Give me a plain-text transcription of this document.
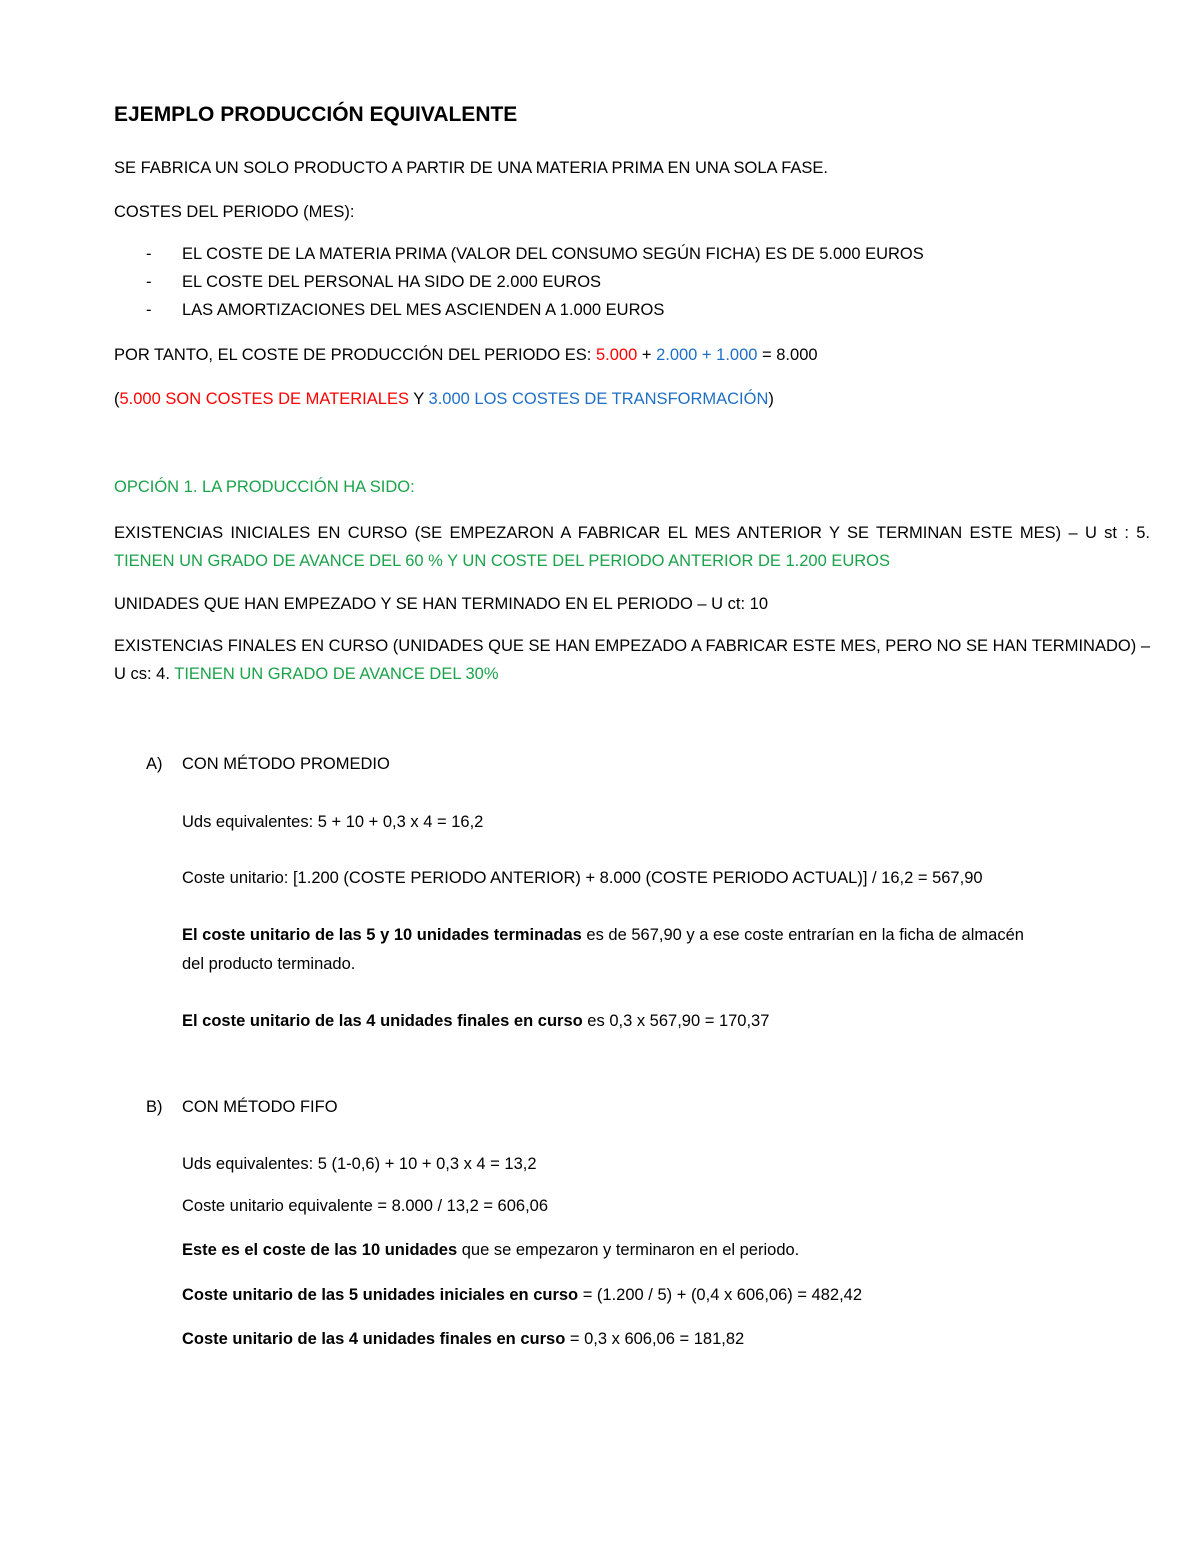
EJEMPLO PRODUCCIÓN EQUIVALENTE
SE FABRICA UN SOLO PRODUCTO A PARTIR DE UNA MATERIA PRIMA EN UNA SOLA FASE.
COSTES DEL PERIODO (MES):
- EL COSTE DE LA MATERIA PRIMA (VALOR DEL CONSUMO SEGÚN FICHA) ES DE 5.000 EUROS
- EL COSTE DEL PERSONAL HA SIDO DE 2.000 EUROS
- LAS AMORTIZACIONES DEL MES ASCIENDEN A 1.000 EUROS
POR TANTO, EL COSTE DE PRODUCCIÓN DEL PERIODO ES: 5.000 + 2.000 + 1.000 = 8.000
(5.000 SON COSTES DE MATERIALES Y 3.000 LOS COSTES DE TRANSFORMACIÓN)
OPCIÓN 1. LA PRODUCCIÓN HA SIDO:
EXISTENCIAS INICIALES EN CURSO (SE EMPEZARON A FABRICAR EL MES ANTERIOR Y SE TERMINAN ESTE MES) – U st : 5. TIENEN UN GRADO DE AVANCE DEL 60 % Y UN COSTE DEL PERIODO ANTERIOR DE 1.200 EUROS
UNIDADES QUE HAN EMPEZADO Y SE HAN TERMINADO EN EL PERIODO – U ct: 10
EXISTENCIAS FINALES EN CURSO (UNIDADES QUE SE HAN EMPEZADO A FABRICAR ESTE MES, PERO NO SE HAN TERMINADO) – U cs: 4. TIENEN UN GRADO DE AVANCE DEL 30%
A) CON MÉTODO PROMEDIO
Uds equivalentes: 5 + 10 + 0,3 x 4 = 16,2
Coste unitario: [1.200 (COSTE PERIODO ANTERIOR) + 8.000 (COSTE PERIODO ACTUAL)] / 16,2 = 567,90
El coste unitario de las 5 y 10 unidades terminadas es de 567,90 y a ese coste entrarían en la ficha de almacén
del producto terminado.
El coste unitario de las 4 unidades finales en curso es 0,3 x 567,90 = 170,37
B) CON MÉTODO FIFO
Uds equivalentes: 5 (1-0,6) + 10 + 0,3 x 4 = 13,2
Coste unitario equivalente = 8.000 / 13,2 = 606,06
Este es el coste de las 10 unidades que se empezaron y terminaron en el periodo.
Coste unitario de las 5 unidades iniciales en curso = (1.200 / 5) + (0,4 x 606,06) = 482,42
Coste unitario de las 4 unidades finales en curso = 0,3 x 606,06 = 181,82
